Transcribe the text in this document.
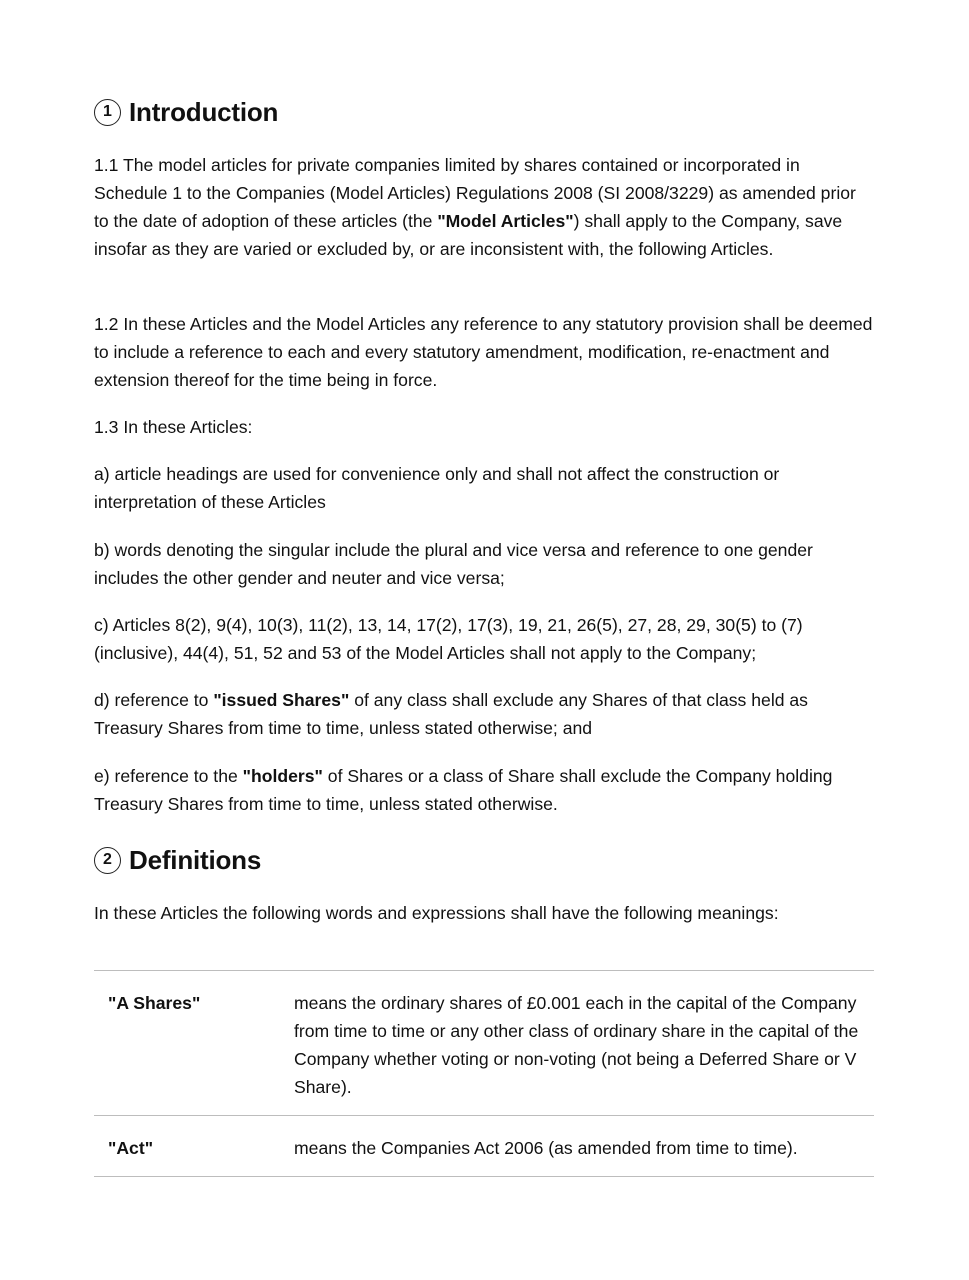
1 Introduction

1.1 The model articles for private companies limited by shares contained or incorporated in Schedule 1 to the Companies (Model Articles) Regulations 2008 (SI 2008/3229) as amended prior to the date of adoption of these articles (the "Model Articles") shall apply to the Company, save insofar as they are varied or excluded by, or are inconsistent with, the following Articles.

1.2 In these Articles and the Model Articles any reference to any statutory provision shall be deemed to include a reference to each and every statutory amendment, modification, re-enactment and extension thereof for the time being in force.

1.3 In these Articles:

a) article headings are used for convenience only and shall not affect the construction or interpretation of these Articles

b) words denoting the singular include the plural and vice versa and reference to one gender includes the other gender and neuter and vice versa;

c) Articles 8(2), 9(4), 10(3), 11(2), 13, 14, 17(2), 17(3), 19, 21, 26(5), 27, 28, 29, 30(5) to (7) (inclusive), 44(4), 51, 52 and 53 of the Model Articles shall not apply to the Company;

d) reference to "issued Shares" of any class shall exclude any Shares of that class held as Treasury Shares from time to time, unless stated otherwise; and

e) reference to the "holders" of Shares or a class of Share shall exclude the Company holding Treasury Shares from time to time, unless stated otherwise.

2 Definitions

In these Articles the following words and expressions shall have the following meanings:

"A Shares"	means the ordinary shares of £0.001 each in the capital of the Company from time to time or any other class of ordinary share in the capital of the Company whether voting or non-voting (not being a Deferred Share or V Share).
"Act"	means the Companies Act 2006 (as amended from time to time).
